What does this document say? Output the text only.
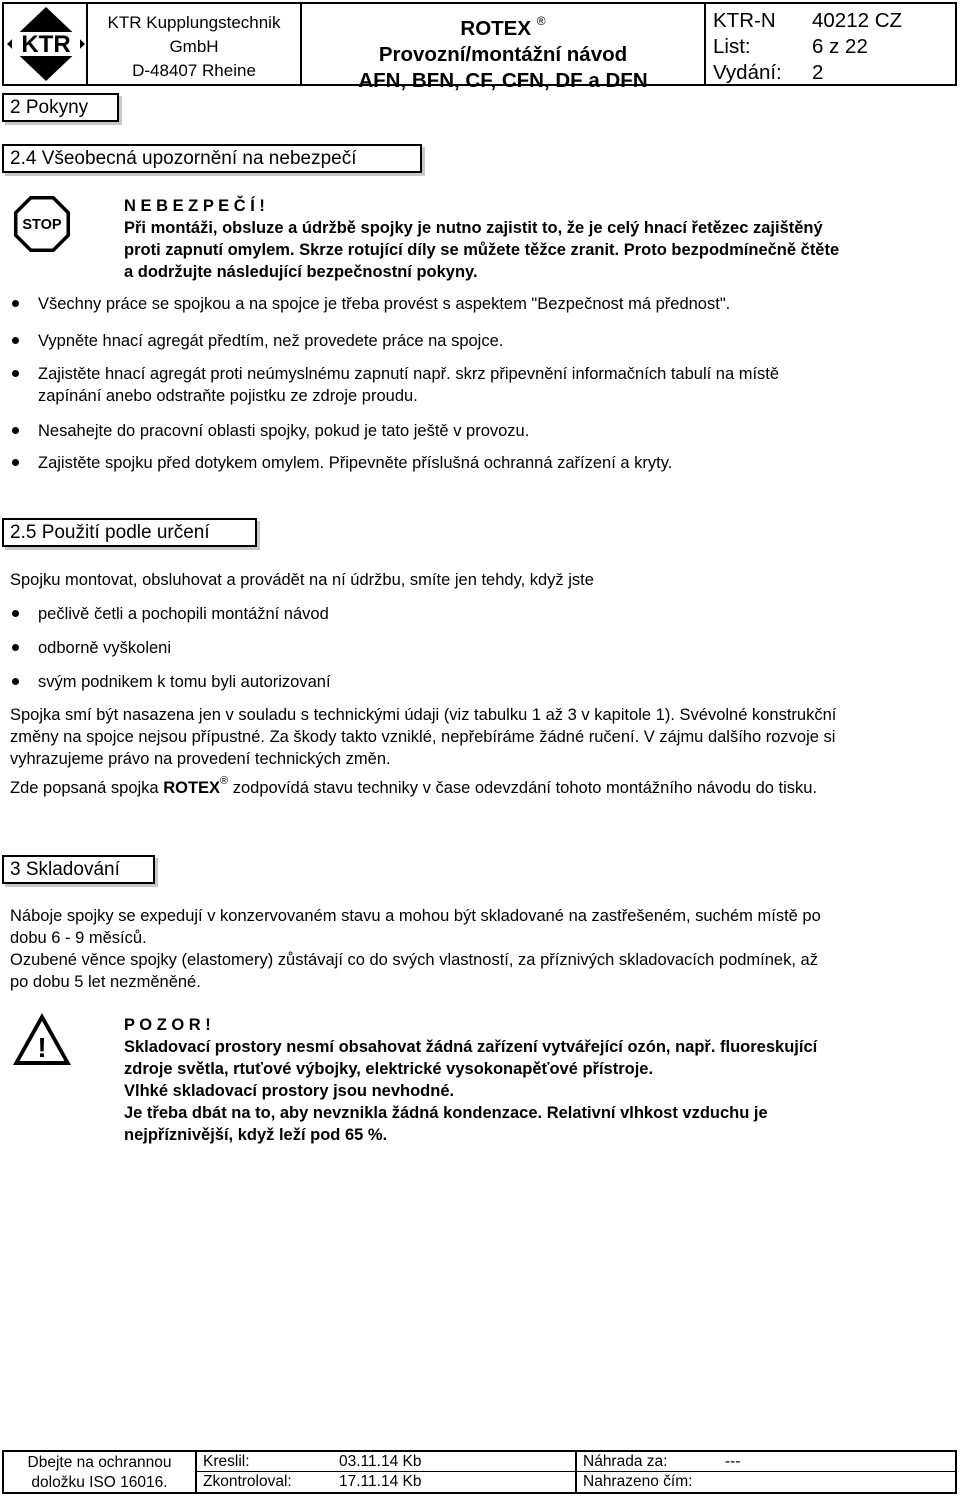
KTR
KTR Kupplungstechnik
GmbH
D-48407 Rheine
ROTEX ®
Provozní/montážní návod
AFN, BFN, CF, CFN, DF a DFN
KTR-N	40212 CZ
List:	6 z 22
Vydání:	2
2 Pokyny
2.4 Všeobecná upozornění na nebezpečí
STOP
N E B E Z P E Č Í !
Při montáži, obsluze a údržbě spojky je nutno zajistit to, že je celý hnací řetězec zajištěný
proti zapnutí omylem. Skrze rotující díly se můžete těžce zranit. Proto bezpodmínečně čtěte
a dodržujte následující bezpečnostní pokyny.
Všechny práce se spojkou a na spojce je třeba provést s aspektem "Bezpečnost má přednost".
Vypněte hnací agregát předtím, než provedete práce na spojce.
Zajistěte hnací agregát proti neúmyslnému zapnutí např. skrz připevnění informačních tabulí na místě
zapínání anebo odstraňte pojistku ze zdroje proudu.
Nesahejte do pracovní oblasti spojky, pokud je tato ještě v provozu.
Zajistěte spojku před dotykem omylem. Připevněte příslušná ochranná zařízení a kryty.
2.5 Použití podle určení
Spojku montovat, obsluhovat a provádět na ní údržbu, smíte jen tehdy, když jste
pečlivě četli a pochopili montážní návod
odborně vyškoleni
svým podnikem k tomu byli autorizovaní
Spojka smí být nasazena jen v souladu s technickými údaji (viz tabulku 1 až 3 v kapitole 1). Svévolné konstrukční
změny na spojce nejsou přípustné. Za škody takto vzniklé, nepřebíráme žádné ručení. V zájmu dalšího rozvoje si
vyhrazujeme právo na provedení technických změn.
Zde popsaná spojka ROTEX® zodpovídá stavu techniky v čase odevzdání tohoto montážního návodu do tisku.
3 Skladování
Náboje spojky se expedují v konzervovaném stavu a mohou být skladované na zastřešeném, suchém místě po
dobu 6 - 9 měsíců.
Ozubené věnce spojky (elastomery) zůstávají co do svých vlastností, za příznivých skladovacích podmínek, až
po dobu 5 let nezměněné.
!
P O Z O R !
Skladovací prostory nesmí obsahovat žádná zařízení vytvářející ozón, např. fluoreskující
zdroje světla, rtuťové výbojky, elektrické vysokonapěťové přístroje.
Vlhké skladovací prostory jsou nevhodné.
Je třeba dbát na to, aby nevznikla žádná kondenzace. Relativní vlhkost vzduchu je
nejpříznivější, když leží pod 65 %.
Dbejte na ochrannou
doložku ISO 16016.
Kreslil:	03.11.14 Kb
Zkontroloval:	17.11.14 Kb
Náhrada za:	---
Nahrazeno čím:
